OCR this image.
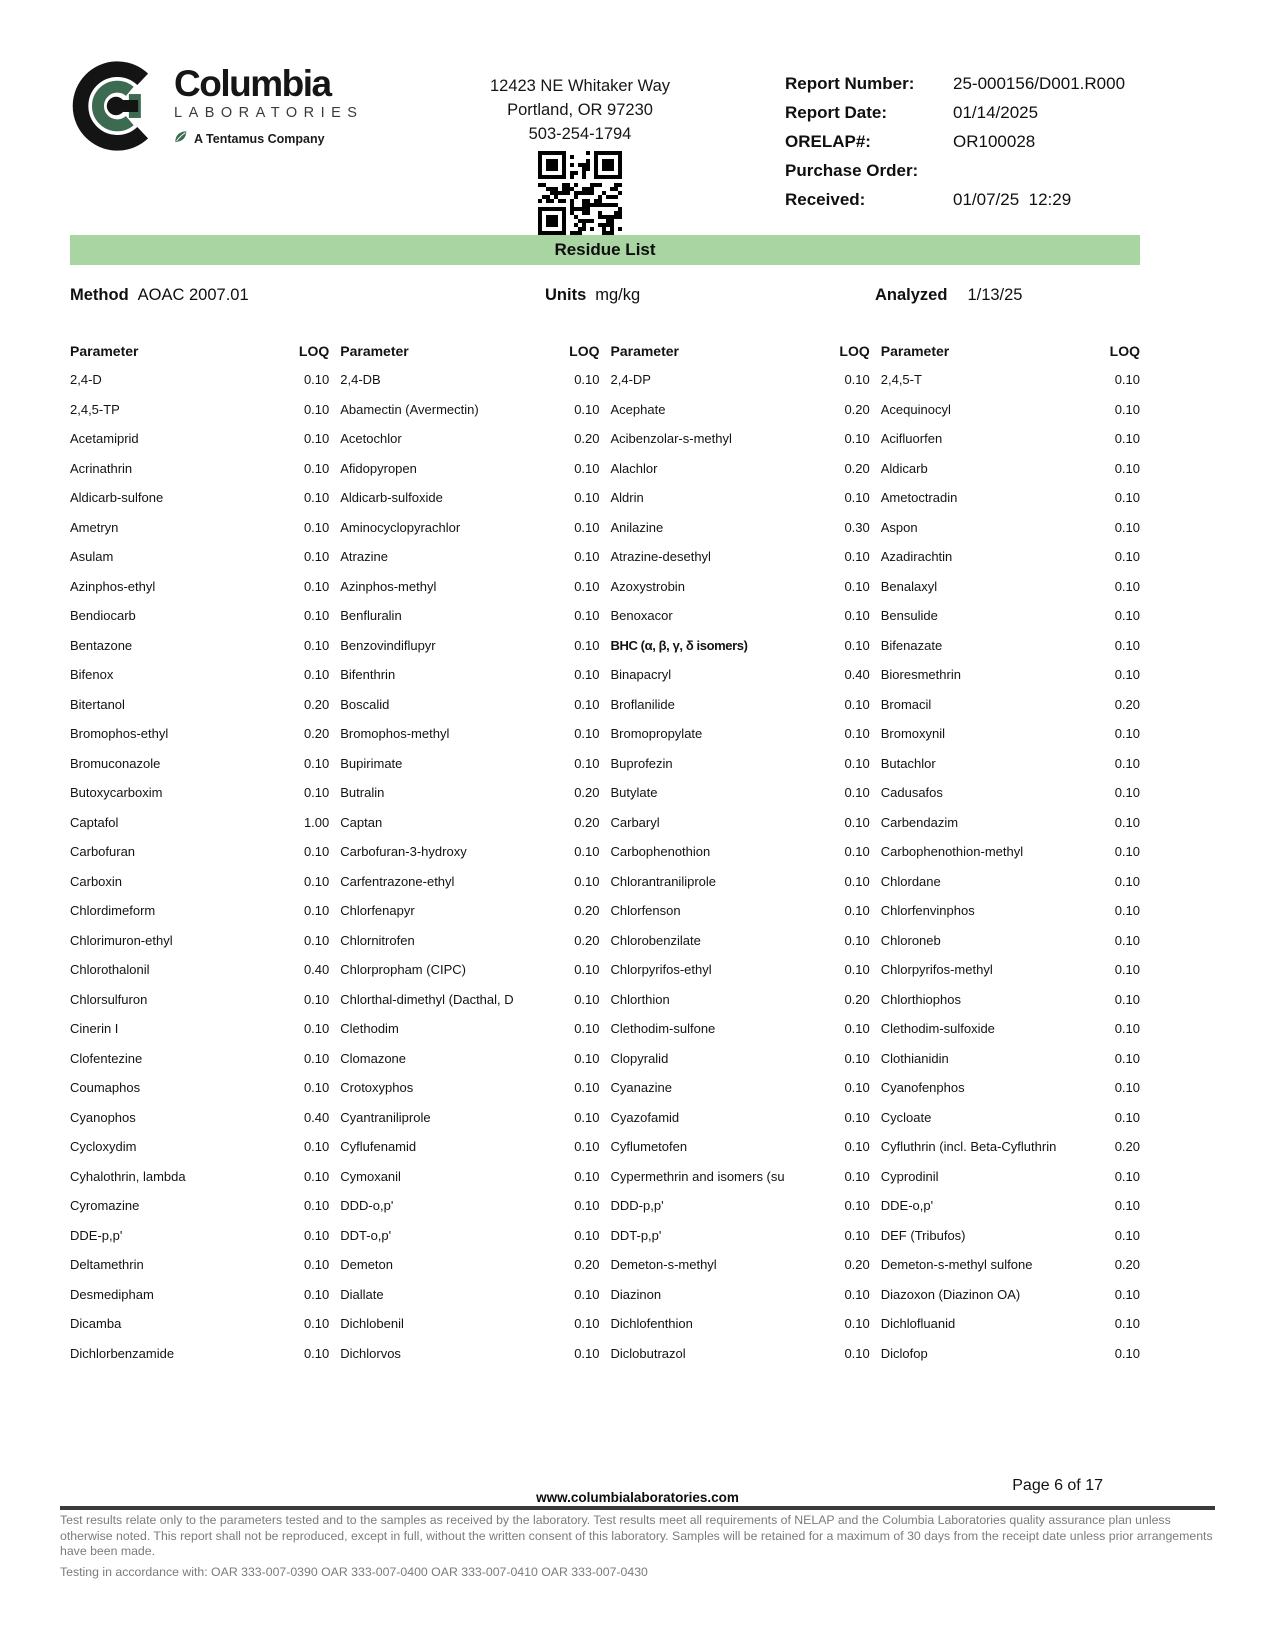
Columbia
LABORATORIES
A Tentamus Company
12423 NE Whitaker Way
Portland, OR 97230
503-254-1794
Report Number:	25-000156/D001.R000
Report Date:	01/14/2025
ORELAP#:	OR100028
Purchase Order:
Received:	01/07/25  12:29
Residue List
Method AOAC 2007.01	Units mg/kg	Analyzed 1/13/25
Parameter	LOQ Parameter	LOQ Parameter	LOQ Parameter	LOQ
2,4-D	0.10 2,4-DB	0.10 2,4-DP	0.10 2,4,5-T	0.10
2,4,5-TP	0.10 Abamectin (Avermectin)	0.10 Acephate	0.20 Acequinocyl	0.10
Acetamiprid	0.10 Acetochlor	0.20 Acibenzolar-s-methyl	0.10 Acifluorfen	0.10
Acrinathrin	0.10 Afidopyropen	0.10 Alachlor	0.20 Aldicarb	0.10
Aldicarb-sulfone	0.10 Aldicarb-sulfoxide	0.10 Aldrin	0.10 Ametoctradin	0.10
Ametryn	0.10 Aminocyclopyrachlor	0.10 Anilazine	0.30 Aspon	0.10
Asulam	0.10 Atrazine	0.10 Atrazine-desethyl	0.10 Azadirachtin	0.10
Azinphos-ethyl	0.10 Azinphos-methyl	0.10 Azoxystrobin	0.10 Benalaxyl	0.10
Bendiocarb	0.10 Benfluralin	0.10 Benoxacor	0.10 Bensulide	0.10
Bentazone	0.10 Benzovindiflupyr	0.10 BHC (α, β, γ, δ isomers)	0.10 Bifenazate	0.10
Bifenox	0.10 Bifenthrin	0.10 Binapacryl	0.40 Bioresmethrin	0.10
Bitertanol	0.20 Boscalid	0.10 Broflanilide	0.10 Bromacil	0.20
Bromophos-ethyl	0.20 Bromophos-methyl	0.10 Bromopropylate	0.10 Bromoxynil	0.10
Bromuconazole	0.10 Bupirimate	0.10 Buprofezin	0.10 Butachlor	0.10
Butoxycarboxim	0.10 Butralin	0.20 Butylate	0.10 Cadusafos	0.10
Captafol	1.00 Captan	0.20 Carbaryl	0.10 Carbendazim	0.10
Carbofuran	0.10 Carbofuran-3-hydroxy	0.10 Carbophenothion	0.10 Carbophenothion-methyl	0.10
Carboxin	0.10 Carfentrazone-ethyl	0.10 Chlorantraniliprole	0.10 Chlordane	0.10
Chlordimeform	0.10 Chlorfenapyr	0.20 Chlorfenson	0.10 Chlorfenvinphos	0.10
Chlorimuron-ethyl	0.10 Chlornitrofen	0.20 Chlorobenzilate	0.10 Chloroneb	0.10
Chlorothalonil	0.40 Chlorpropham (CIPC)	0.10 Chlorpyrifos-ethyl	0.10 Chlorpyrifos-methyl	0.10
Chlorsulfuron	0.10 Chlorthal-dimethyl (Dacthal, D	0.10 Chlorthion	0.20 Chlorthiophos	0.10
Cinerin I	0.10 Clethodim	0.10 Clethodim-sulfone	0.10 Clethodim-sulfoxide	0.10
Clofentezine	0.10 Clomazone	0.10 Clopyralid	0.10 Clothianidin	0.10
Coumaphos	0.10 Crotoxyphos	0.10 Cyanazine	0.10 Cyanofenphos	0.10
Cyanophos	0.40 Cyantraniliprole	0.10 Cyazofamid	0.10 Cycloate	0.10
Cycloxydim	0.10 Cyflufenamid	0.10 Cyflumetofen	0.10 Cyfluthrin (incl. Beta-Cyfluthrin	0.20
Cyhalothrin, lambda	0.10 Cymoxanil	0.10 Cypermethrin and isomers (su	0.10 Cyprodinil	0.10
Cyromazine	0.10 DDD-o,p'	0.10 DDD-p,p'	0.10 DDE-o,p'	0.10
DDE-p,p'	0.10 DDT-o,p'	0.10 DDT-p,p'	0.10 DEF (Tribufos)	0.10
Deltamethrin	0.10 Demeton	0.20 Demeton-s-methyl	0.20 Demeton-s-methyl sulfone	0.20
Desmedipham	0.10 Diallate	0.10 Diazinon	0.10 Diazoxon (Diazinon OA)	0.10
Dicamba	0.10 Dichlobenil	0.10 Dichlofenthion	0.10 Dichlofluanid	0.10
Dichlorbenzamide	0.10 Dichlorvos	0.10 Diclobutrazol	0.10 Diclofop	0.10
Page 6 of 17
www.columbialaboratories.com
Test results relate only to the parameters tested and to the samples as received by the laboratory. Test results meet all requirements of NELAP and the Columbia Laboratories quality assurance plan unless otherwise noted. This report shall not be reproduced, except in full, without the written consent of this laboratory. Samples will be retained for a maximum of 30 days from the receipt date unless prior arrangements have been made.
Testing in accordance with: OAR 333-007-0390 OAR 333-007-0400 OAR 333-007-0410 OAR 333-007-0430
